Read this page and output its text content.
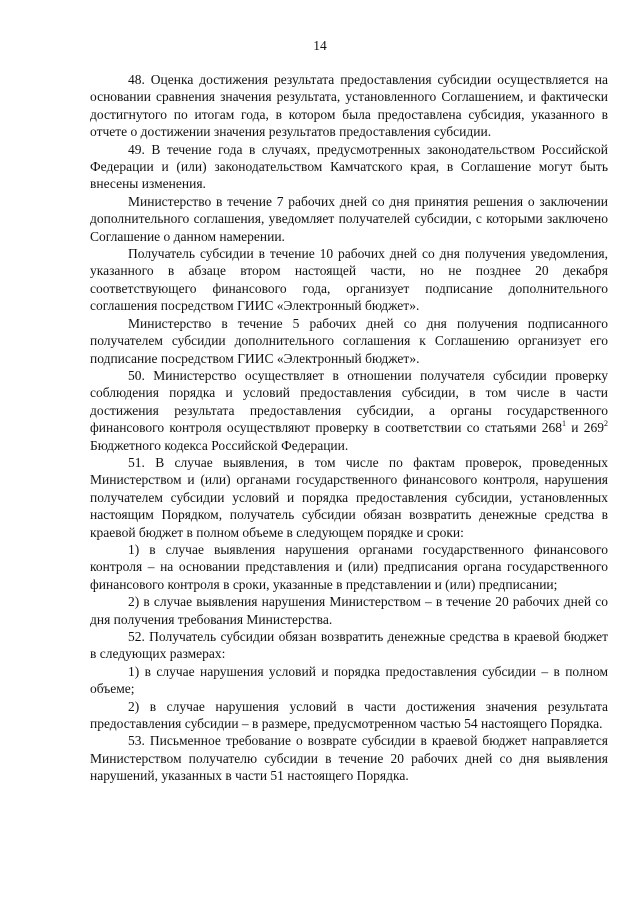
14

48. Оценка достижения результата предоставления субсидии осуществляется на основании сравнения значения результата, установленного Соглашением, и фактически достигнутого по итогам года, в котором была предоставлена субсидия, указанного в отчете о достижении значения результатов предоставления субсидии.

49. В течение года в случаях, предусмотренных законодательством Российской Федерации и (или) законодательством Камчатского края, в Соглашение могут быть внесены изменения.

Министерство в течение 7 рабочих дней со дня принятия решения о заключении дополнительного соглашения, уведомляет получателей субсидии, с которыми заключено Соглашение о данном намерении.

Получатель субсидии в течение 10 рабочих дней со дня получения уведомления, указанного в абзаце втором настоящей части, но не позднее 20 декабря соответствующего финансового года, организует подписание дополнительного соглашения посредством ГИИС «Электронный бюджет».

Министерство в течение 5 рабочих дней со дня получения подписанного получателем субсидии дополнительного соглашения к Соглашению организует его подписание посредством ГИИС «Электронный бюджет».

50. Министерство осуществляет в отношении получателя субсидии проверку соблюдения порядка и условий предоставления субсидии, в том числе в части достижения результата предоставления субсидии, а органы государственного финансового контроля осуществляют проверку в соответствии со статьями $268^1$ и $269^2$ Бюджетного кодекса Российской Федерации.

51. В случае выявления, в том числе по фактам проверок, проведенных Министерством и (или) органами государственного финансового контроля, нарушения получателем субсидии условий и порядка предоставления субсидии, установленных настоящим Порядком, получатель субсидии обязан возвратить денежные средства в краевой бюджет в полном объеме в следующем порядке и сроки:

1) в случае выявления нарушения органами государственного финансового контроля – на основании представления и (или) предписания органа государственного финансового контроля в сроки, указанные в представлении и (или) предписании;

2) в случае выявления нарушения Министерством – в течение 20 рабочих дней со дня получения требования Министерства.

52. Получатель субсидии обязан возвратить денежные средства в краевой бюджет в следующих размерах:

1) в случае нарушения условий и порядка предоставления субсидии – в полном объеме;

2) в случае нарушения условий в части достижения значения результата предоставления субсидии – в размере, предусмотренном частью 54 настоящего Порядка.

53. Письменное требование о возврате субсидии в краевой бюджет направляется Министерством получателю субсидии в течение 20 рабочих дней со дня выявления нарушений, указанных в части 51 настоящего Порядка.
